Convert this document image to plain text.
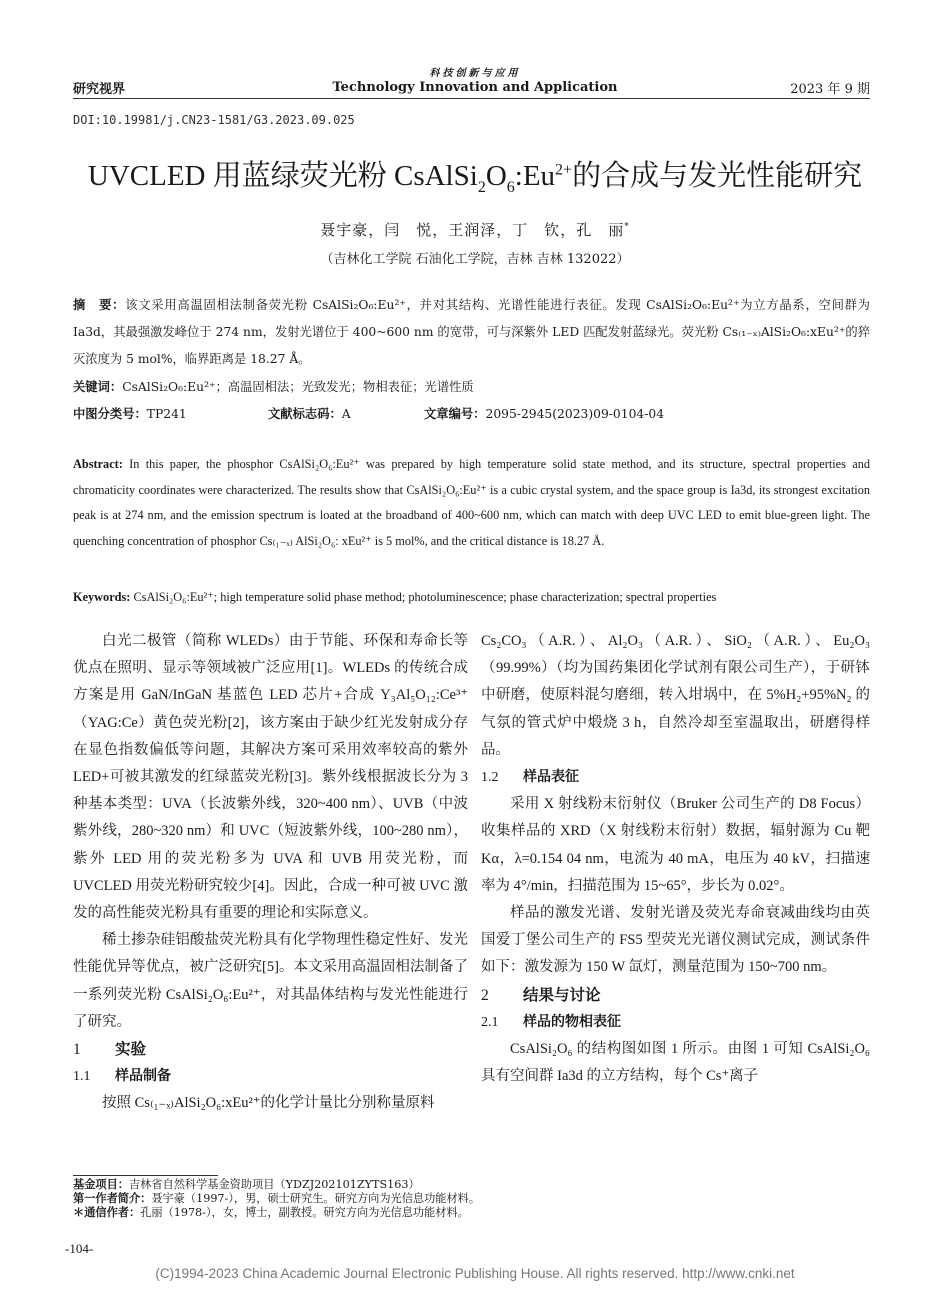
研究视界
科技创新与应用
Technology Innovation and Application	2023 年 9 期
DOI:10.19981/j.CN23-1581/G3.2023.09.025
UVCLED 用蓝绿荧光粉 $CsAlSi_2O_6:Eu^{2+}$的合成与发光性能研究
聂宇豪，闫　悦，王润泽，丁　钦，孔　丽*
（吉林化工学院 石油化工学院，吉林 吉林 132022）
摘　要：该文采用高温固相法制备荧光粉 CsAlSi₂O₆:Eu²⁺，并对其结构、光谱性能进行表征。发现 CsAlSi₂O₆:Eu²⁺为立方晶系，空间群为 Ia3d，其最强激发峰位于 274 nm，发射光谱位于 400~600 nm 的宽带，可与深紫外 LED 匹配发射蓝绿光。荧光粉 Cs₍₁₋ₓ₎AlSi₂O₆:xEu²⁺的猝灭浓度为 5 mol%，临界距离是 18.27 Å。
关键词：CsAlSi₂O₆:Eu²⁺；高温固相法；光致发光；物相表征；光谱性质
中图分类号：TP241	文献标志码：A	文章编号：2095-2945(2023)09-0104-04
Abstract: In this paper, the phosphor CsAlSi₂O₆:Eu²⁺ was prepared by high temperature solid state method, and its structure, spectral properties and chromaticity coordinates were characterized. The results show that CsAlSi₂O₆:Eu²⁺ is a cubic crystal system, and the space group is Ia3d, its strongest excitation peak is at 274 nm, and the emission spectrum is loated at the broadband of 400~600 nm, which can match with deep UVC LED to emit blue-green light. The quenching concentration of phosphor Cs₍₁₋ₓ₎ AlSi₂O₆: xEu²⁺ is 5 mol%, and the critical distance is 18.27 Å.
Keywords: CsAlSi₂O₆:Eu²⁺; high temperature solid phase method; photoluminescence; phase characterization; spectral properties

白光二极管（简称 WLEDs）由于节能、环保和寿命长等优点在照明、显示等领域被广泛应用[1]。WLEDs 的传统合成方案是用 GaN/InGaN 基蓝色 LED 芯片+合成 Y₃Al₅O₁₂:Ce³⁺（YAG:Ce）黄色荧光粉[2]，该方案由于缺少红光发射成分存在显色指数偏低等问题，其解决方案可采用效率较高的紫外 LED+可被其激发的红绿蓝荧光粉[3]。紫外线根据波长分为 3 种基本类型：UVA（长波紫外线，320~400 nm）、UVB（中波紫外线，280~320 nm）和 UVC（短波紫外线，100~280 nm），紫外 LED 用的荧光粉多为 UVA 和 UVB 用荧光粉，而 UVCLED 用荧光粉研究较少[4]。因此，合成一种可被 UVC 激发的高性能荧光粉具有重要的理论和实际意义。

稀土掺杂硅铝酸盐荧光粉具有化学物理性稳定性好、发光性能优异等优点，被广泛研究[5]。本文采用高温固相法制备了一系列荧光粉 CsAlSi₂O₆:Eu²⁺，对其晶体结构与发光性能进行了研究。

1 实验
1.1 样品制备

按照 Cs₍₁₋ₓ₎AlSi₂O₆:xEu²⁺的化学计量比分别称量原料

Cs₂CO₃（A.R.）、Al₂O₃（A.R.）、SiO₂（A.R.）、Eu₂O₃（99.99%）（均为国药集团化学试剂有限公司生产），于研钵中研磨，使原料混匀磨细，转入坩埚中，在 5%H₂+95%N₂ 的气氛的管式炉中煅烧 3 h，自然冷却至室温取出，研磨得样品。

1.2 样品表征

采用 X 射线粉末衍射仪（Bruker 公司生产的 D8 Focus）收集样品的 XRD（X 射线粉末衍射）数据，辐射源为 Cu 靶 Kα，λ=0.154 04 nm，电流为 40 mA，电压为 40 kV，扫描速率为 4°/min，扫描范围为 15~65°，步长为 0.02°。

样品的激发光谱、发射光谱及荧光寿命衰减曲线均由英国爱丁堡公司生产的 FS5 型荧光光谱仪测试完成，测试条件如下：激发源为 150 W 氙灯，测量范围为 150~700 nm。

2 结果与讨论
2.1 样品的物相表征

CsAlSi₂O₆ 的结构图如图 1 所示。由图 1 可知 CsAlSi₂O₆ 具有空间群 Ia3d 的立方结构，每个 Cs⁺离子

基金项目：吉林省自然科学基金资助项目（YDZJ202101ZYTS163）
第一作者简介：聂宇豪（1997-），男，硕士研究生。研究方向为光信息功能材料。
＊通信作者：孔丽（1978-），女，博士，副教授。研究方向为光信息功能材料。
-104-
(C)1994-2023 China Academic Journal Electronic Publishing House. All rights reserved. http://www.cnki.net
